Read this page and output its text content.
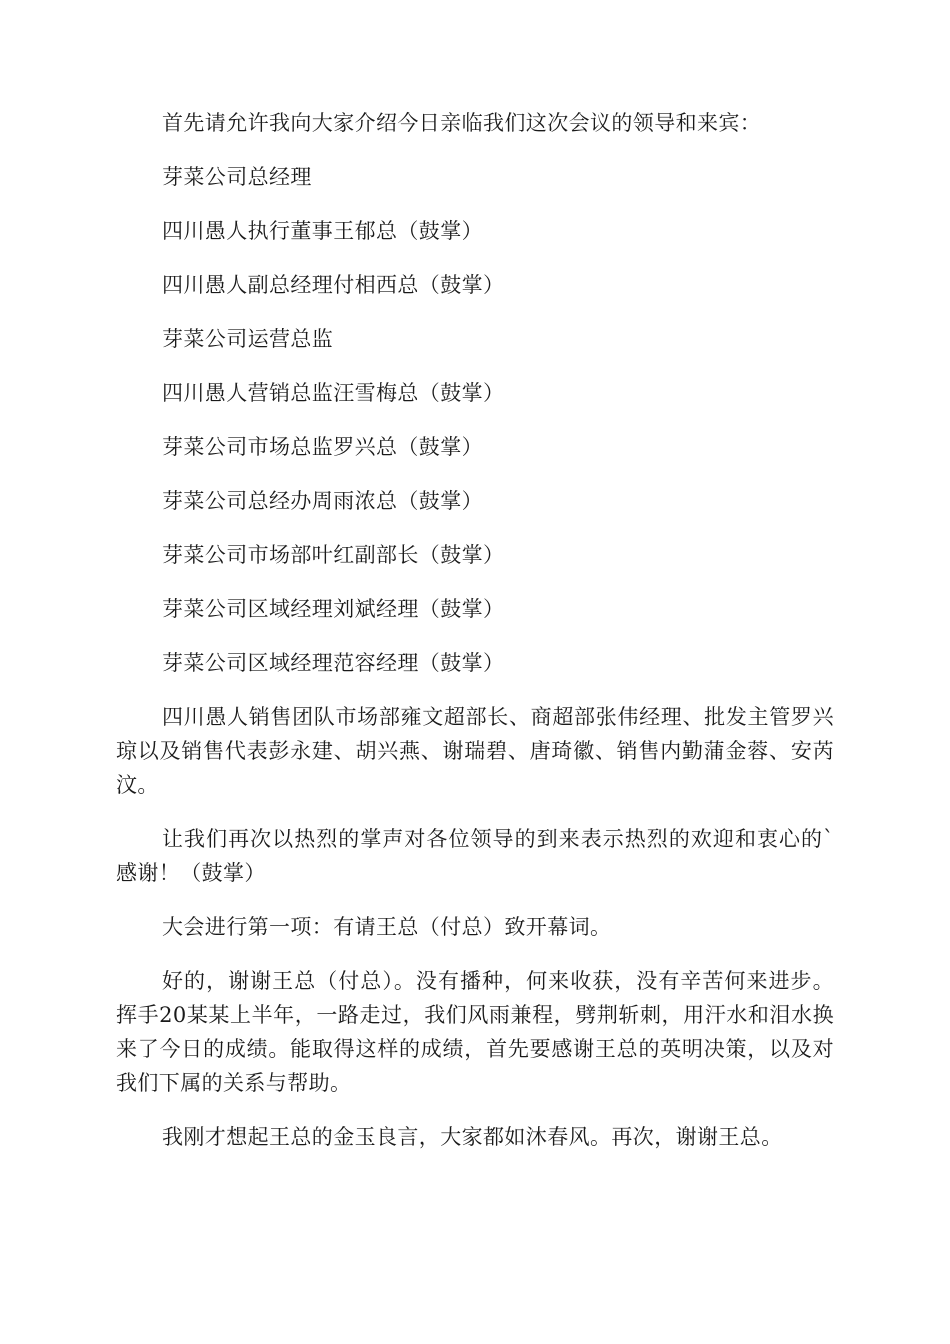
首先请允许我向大家介绍今日亲临我们这次会议的领导和来宾：

芽菜公司总经理

四川愚人执行董事王郁总（鼓掌）

四川愚人副总经理付相西总（鼓掌）

芽菜公司运营总监

四川愚人营销总监汪雪梅总（鼓掌）

芽菜公司市场总监罗兴总（鼓掌）

芽菜公司总经办周雨浓总（鼓掌）

芽菜公司市场部叶红副部长（鼓掌）

芽菜公司区域经理刘斌经理（鼓掌）

芽菜公司区域经理范容经理（鼓掌）

四川愚人销售团队市场部雍文超部长、商超部张伟经理、批发主管罗兴琼以及销售代表彭永建、胡兴燕、谢瑞碧、唐琦徽、销售内勤蒲金蓉、安芮汶。

让我们再次以热烈的掌声对各位领导的到来表示热烈的欢迎和衷心的`感谢！（鼓掌）

大会进行第一项：有请王总（付总）致开幕词。

好的，谢谢王总（付总）。没有播种，何来收获，没有辛苦何来进步。挥手20某某上半年，一路走过，我们风雨兼程，劈荆斩刺，用汗水和泪水换来了今日的成绩。能取得这样的成绩，首先要感谢王总的英明决策，以及对我们下属的关系与帮助。

我刚才想起王总的金玉良言，大家都如沐春风。再次，谢谢王总。
